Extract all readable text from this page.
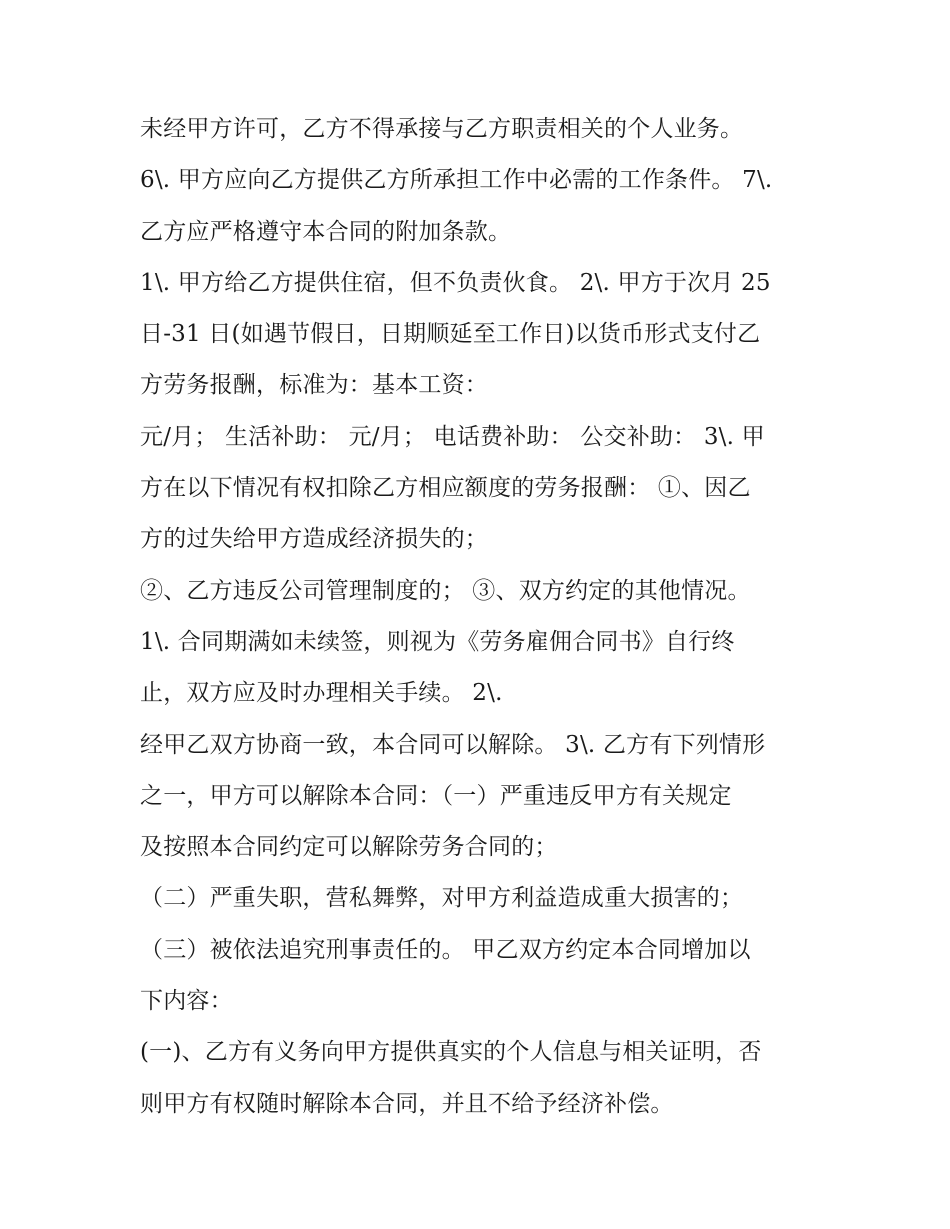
未经甲方许可，乙方不得承接与乙方职责相关的个人业务。
6\. 甲方应向乙方提供乙方所承担工作中必需的工作条件。 7\.
乙方应严格遵守本合同的附加条款。
1\. 甲方给乙方提供住宿，但不负责伙食。 2\. 甲方于次月 25
日-31 日(如遇节假日，日期顺延至工作日)以货币形式支付乙
方劳务报酬，标准为：基本工资：
元/月； 生活补助： 元/月； 电话费补助： 公交补助： 3\. 甲
方在以下情况有权扣除乙方相应额度的劳务报酬： ①、因乙
方的过失给甲方造成经济损失的；
②、乙方违反公司管理制度的； ③、双方约定的其他情况。
1\. 合同期满如未续签，则视为《劳务雇佣合同书》自行终
止，双方应及时办理相关手续。 2\.
经甲乙双方协商一致，本合同可以解除。 3\. 乙方有下列情形
之一，甲方可以解除本合同：（一）严重违反甲方有关规定
及按照本合同约定可以解除劳务合同的；
（二）严重失职，营私舞弊，对甲方利益造成重大损害的；
（三）被依法追究刑事责任的。 甲乙双方约定本合同增加以
下内容：
(一)、乙方有义务向甲方提供真实的个人信息与相关证明，否
则甲方有权随时解除本合同，并且不给予经济补偿。
